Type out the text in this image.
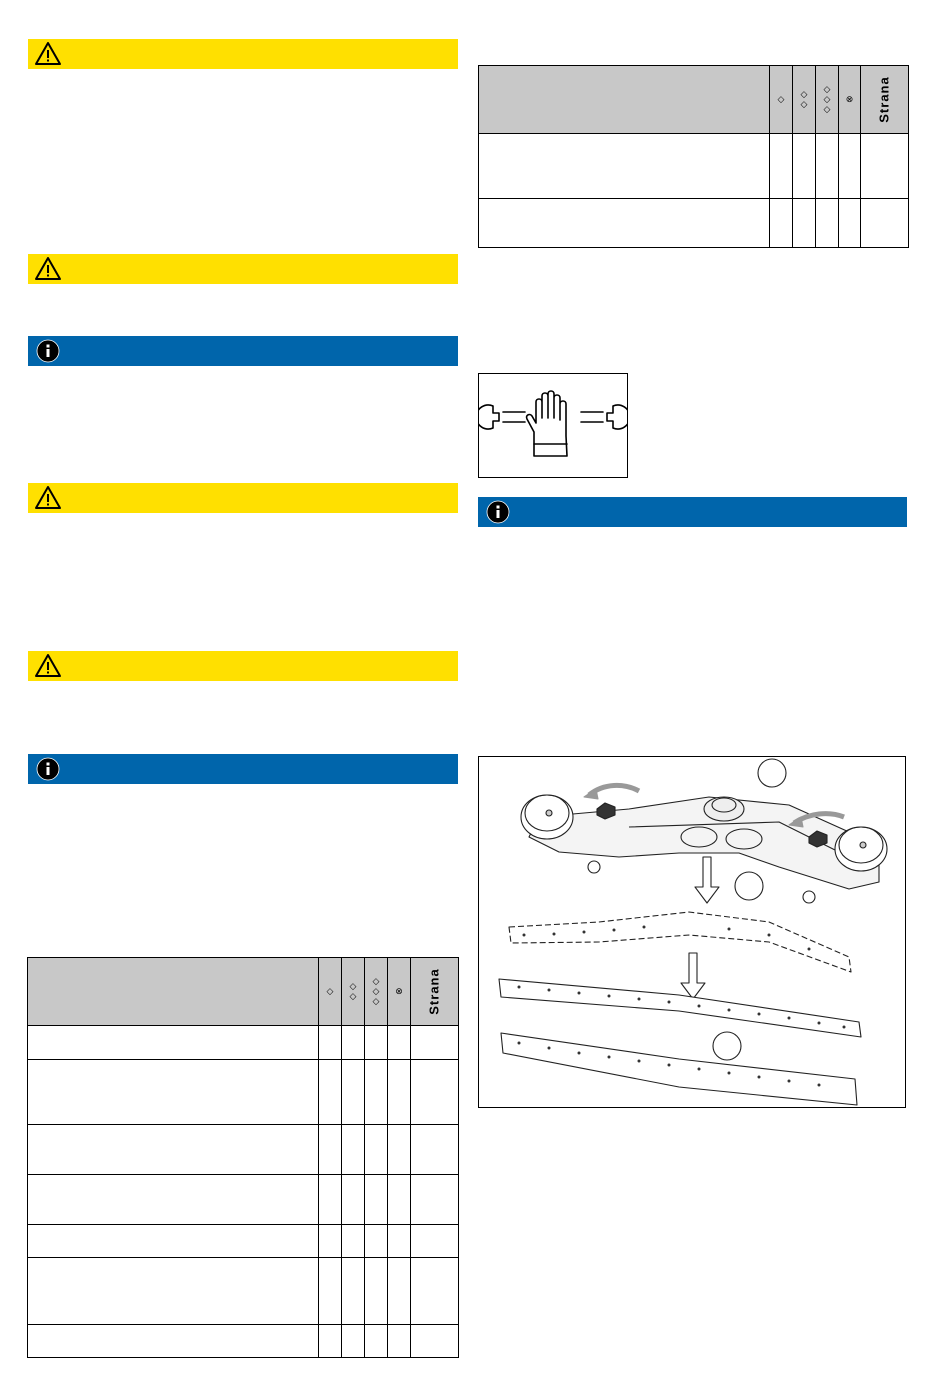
	◇	◇◇	◇◇◇	⊗	Strana

	◇	◇◇	◇◇◇	⊗	Strana
